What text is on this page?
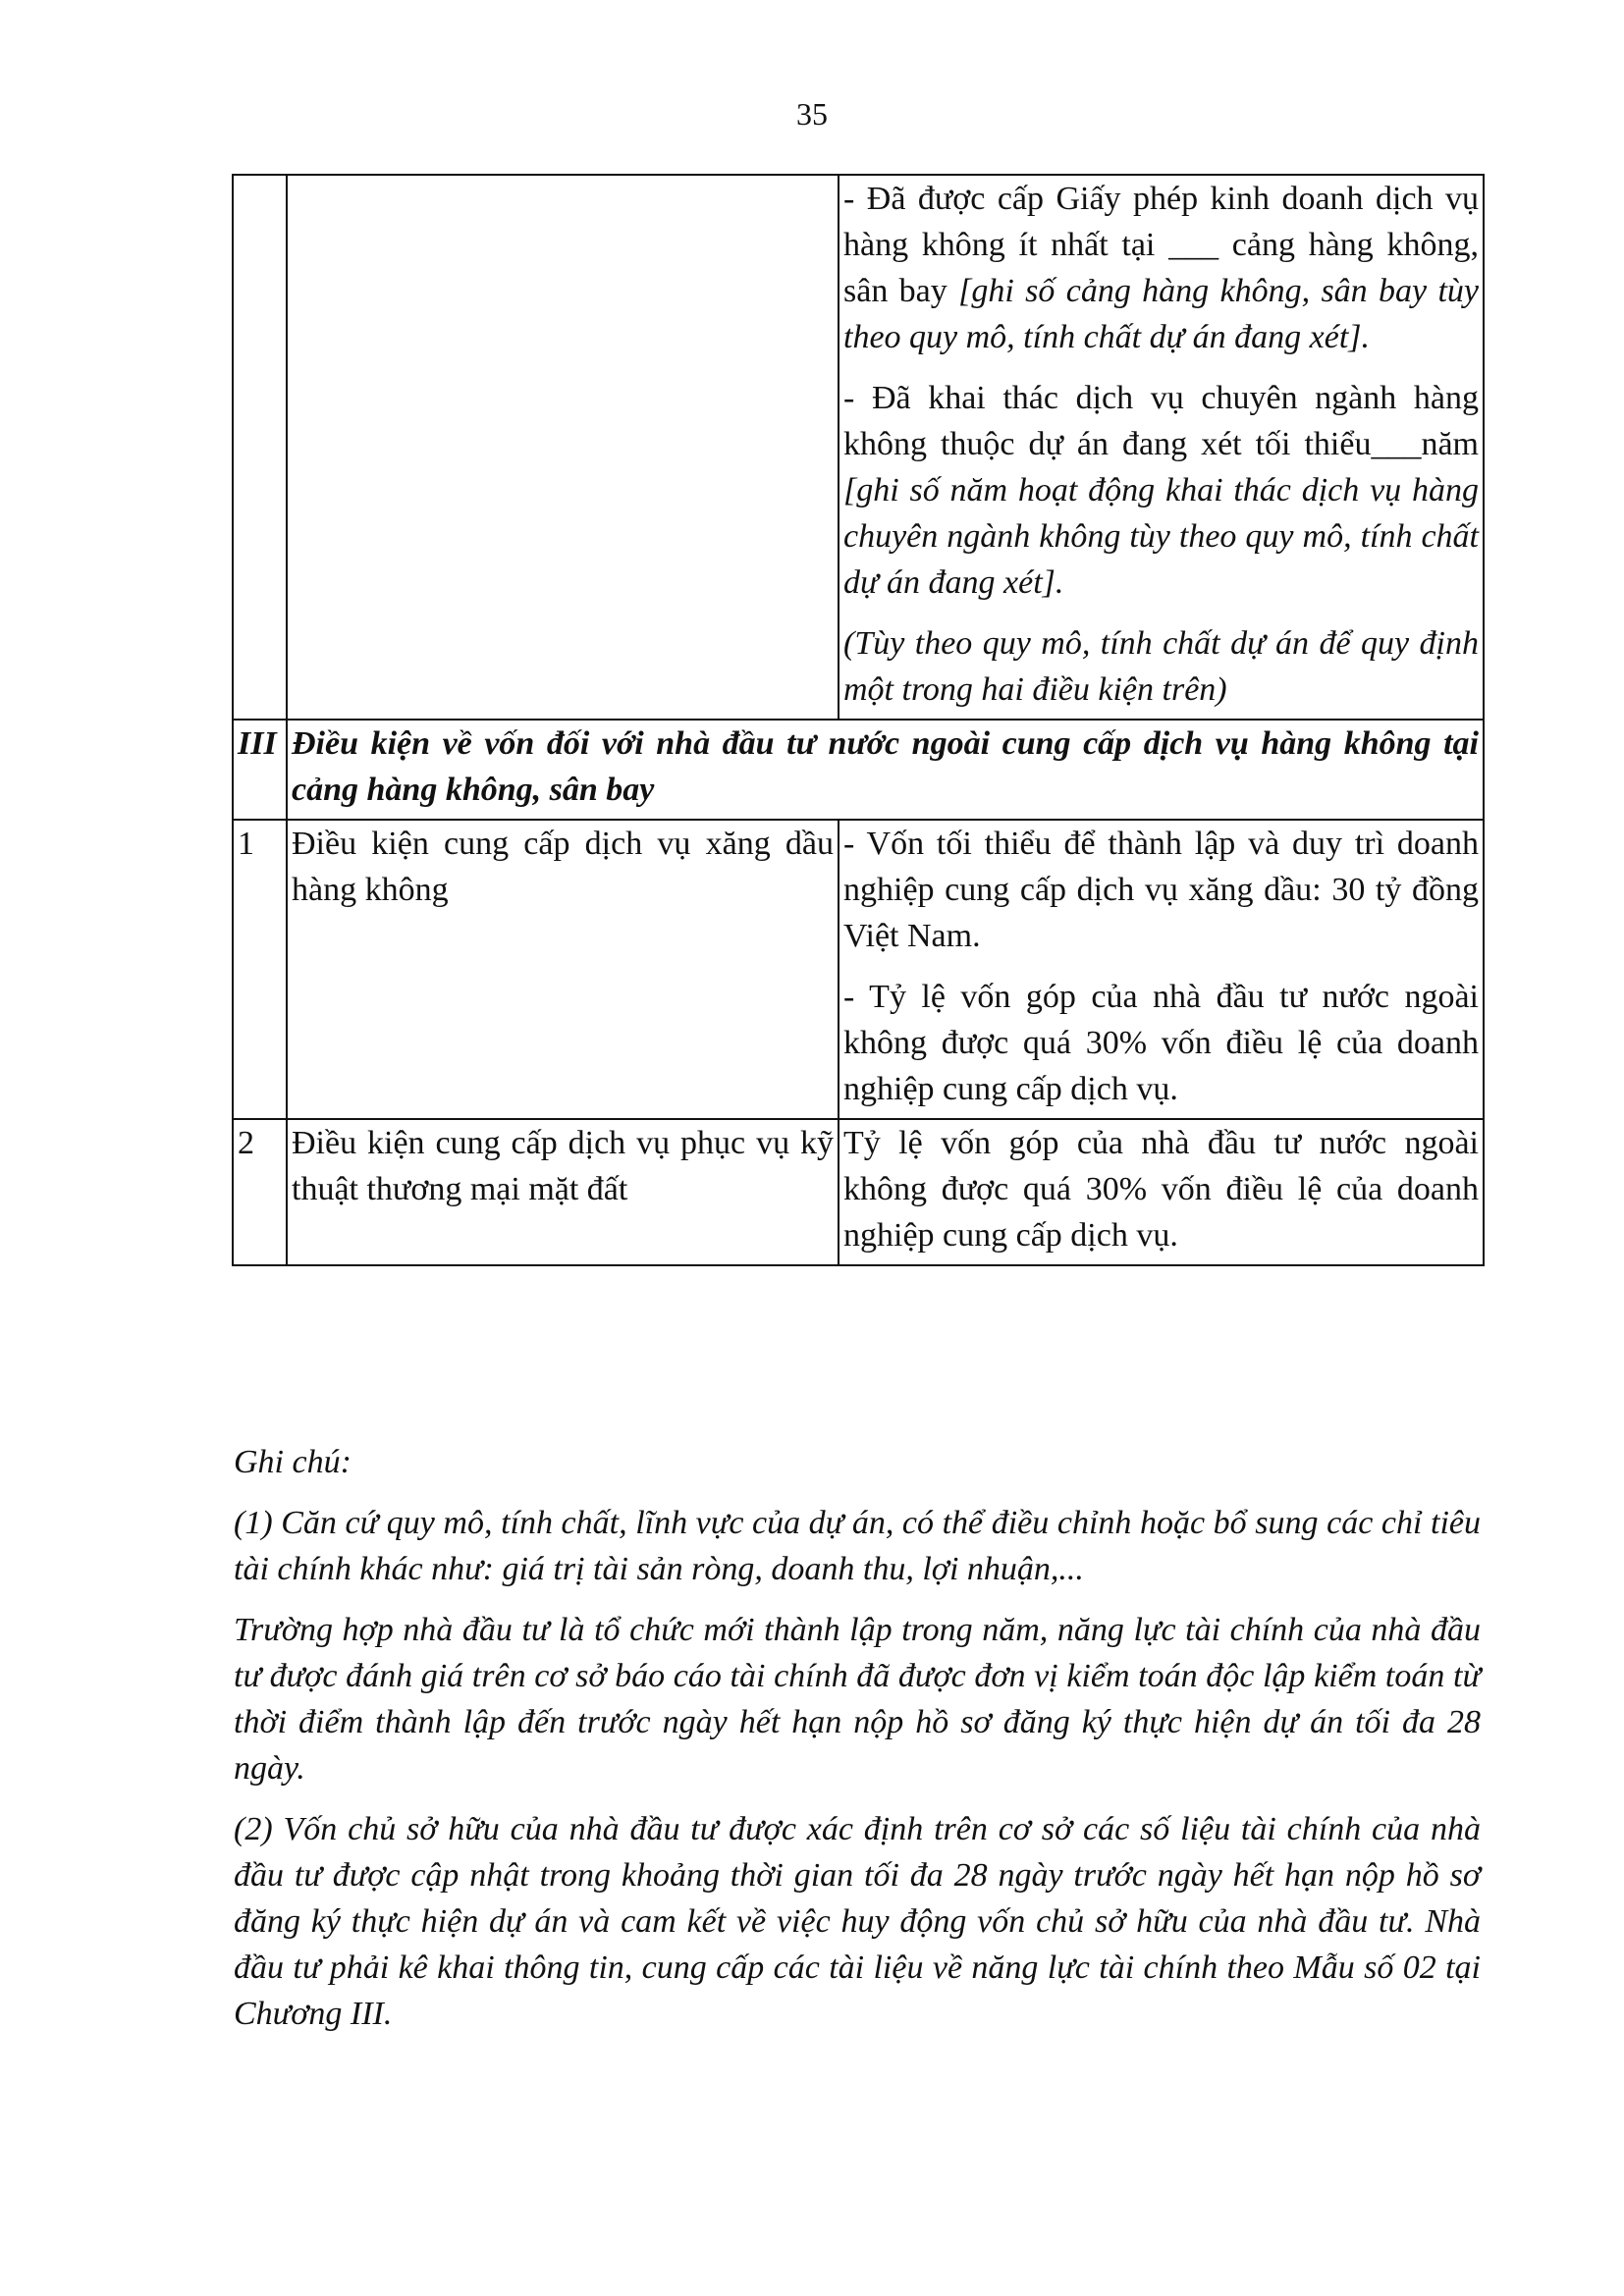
35

		- Đã được cấp Giấy phép kinh doanh dịch vụ hàng không ít nhất tại ___ cảng hàng không, sân bay [ghi số cảng hàng không, sân bay tùy theo quy mô, tính chất dự án đang xét].

- Đã khai thác dịch vụ chuyên ngành hàng không thuộc dự án đang xét tối thiểu___năm [ghi số năm hoạt động khai thác dịch vụ hàng chuyên ngành không tùy theo quy mô, tính chất dự án đang xét].

(Tùy theo quy mô, tính chất dự án để quy định một trong hai điều kiện trên)

III	Điều kiện về vốn đối với nhà đầu tư nước ngoài cung cấp dịch vụ hàng không tại cảng hàng không, sân bay	
1	Điều kiện cung cấp dịch vụ xăng dầu hàng không	- Vốn tối thiểu để thành lập và duy trì doanh nghiệp cung cấp dịch vụ xăng dầu: 30 tỷ đồng Việt Nam.

- Tỷ lệ vốn góp của nhà đầu tư nước ngoài không được quá 30% vốn điều lệ của doanh nghiệp cung cấp dịch vụ.

2	Điều kiện cung cấp dịch vụ phục vụ kỹ thuật thương mại mặt đất	Tỷ lệ vốn góp của nhà đầu tư nước ngoài không được quá 30% vốn điều lệ của doanh nghiệp cung cấp dịch vụ.

Ghi chú:

(1) Căn cứ quy mô, tính chất, lĩnh vực của dự án, có thể điều chỉnh hoặc bổ sung các chỉ tiêu tài chính khác như: giá trị tài sản ròng, doanh thu, lợi nhuận,...

Trường hợp nhà đầu tư là tổ chức mới thành lập trong năm, năng lực tài chính của nhà đầu tư được đánh giá trên cơ sở báo cáo tài chính đã được đơn vị kiểm toán độc lập kiểm toán từ thời điểm thành lập đến trước ngày hết hạn nộp hồ sơ đăng ký thực hiện dự án tối đa 28 ngày.

(2) Vốn chủ sở hữu của nhà đầu tư được xác định trên cơ sở các số liệu tài chính của nhà đầu tư được cập nhật trong khoảng thời gian tối đa 28 ngày trước ngày hết hạn nộp hồ sơ đăng ký thực hiện dự án và cam kết về việc huy động vốn chủ sở hữu của nhà đầu tư. Nhà đầu tư phải kê khai thông tin, cung cấp các tài liệu về năng lực tài chính theo Mẫu số 02 tại Chương III.
